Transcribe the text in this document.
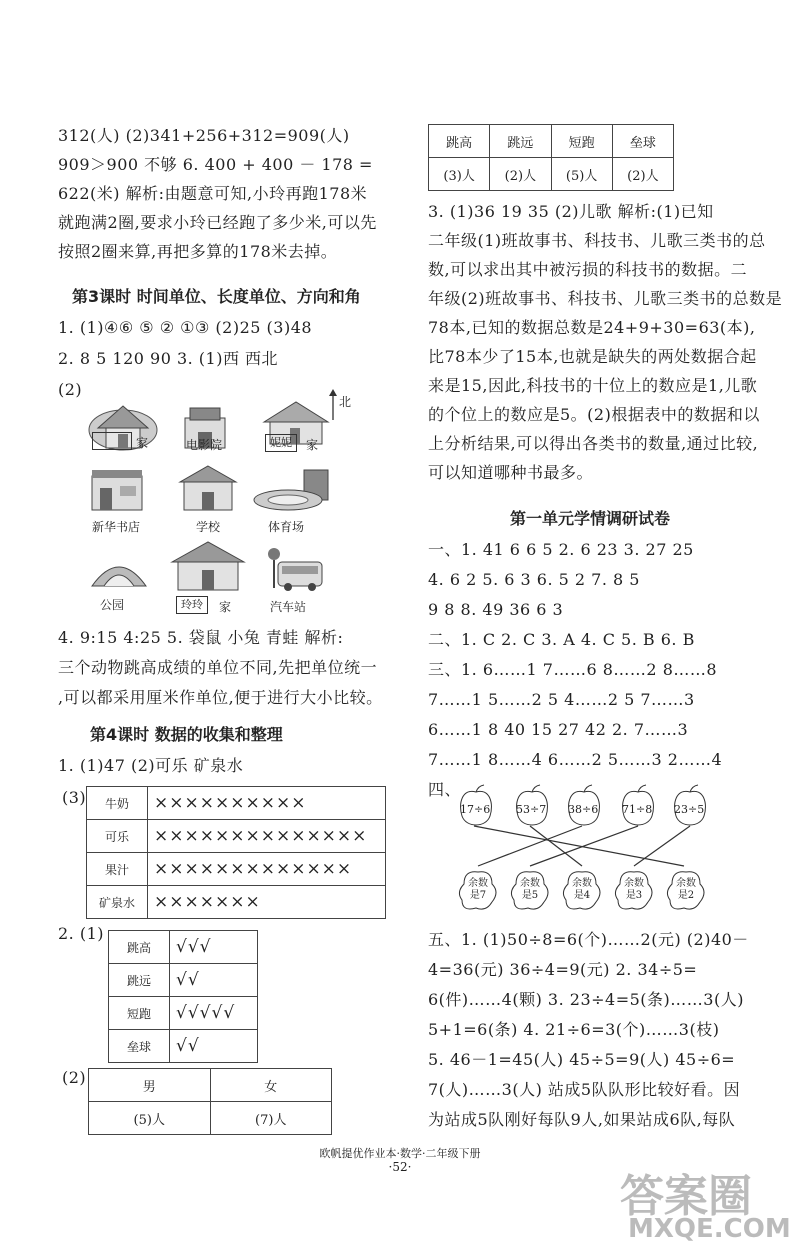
312(人) (2)341+256+312=909(人)
909＞900 不够 6. 400 + 400 － 178 =
622(米) 解析:由题意可知,小玲再跑178米
就跑满2圈,要求小玲已经跑了多少米,可以先
按照2圈来算,再把多算的178米去掉。
第3课时 时间单位、长度单位、方向和角
1. (1)④⑥ ⑤ ② ①③ (2)25 (3)48
2. 8 5 120 90 3. (1)西 西北
(2)
家	电影院
北
妮妮	家
新华书店	学校	体育场
公园	玲玲	家	汽车站
4. 9:15 4:25 5. 袋鼠 小兔 青蛙 解析:
三个动物跳高成绩的单位不同,先把单位统一
,可以都采用厘米作单位,便于进行大小比较。
第4课时 数据的收集和整理
1. (1)47 (2)可乐 矿泉水
(3) 牛奶	××××××××××
可乐	××××××××××××××
果汁	×××××××××××××
矿泉水	×××××××
2. (1)
跳高	√√√
跳远	√√
短跑	√√√√√
垒球	√√
(2)	男	女
(5)人	(7)人
跳高	跳远	短跑	垒球
(3)人	(2)人	(5)人	(2)人
3. (1)36 19 35 (2)儿歌 解析:(1)已知
二年级(1)班故事书、科技书、儿歌三类书的总
数,可以求出其中被污损的科技书的数据。二
年级(2)班故事书、科技书、儿歌三类书的总数是
78本,已知的数据总数是24+9+30=63(本),
比78本少了15本,也就是缺失的两处数据合起
来是15,因此,科技书的十位上的数应是1,儿歌
的个位上的数应是5。(2)根据表中的数据和以
上分析结果,可以得出各类书的数量,通过比较,
可以知道哪种书最多。
第一单元学情调研试卷
一、1. 41 6 6 5 2. 6 23 3. 27 25
4. 6 2 5. 6 3 6. 5 2 7. 8 5
9 8 8. 49 36 6 3
二、1. C 2. C 3. A 4. C 5. B 6. B
三、1. 6……1 7……6 8……2 8……8
7……1 5……2 5 4……2 5 7……3
6……1 8 40 15 27 42 2. 7……3
7……1 8……4 6……2 5……3 2……4
四、
17÷6 53÷7 38÷6 71÷8 23÷5
余数是7
余数是5
余数是4
余数是3
余数是2
五、1. (1)50÷8=6(个)……2(元) (2)40－
4=36(元) 36÷4=9(元) 2. 34÷5=
6(件)……4(颗) 3. 23÷4=5(条)……3(人)
5+1=6(条) 4. 21÷6=3(个)……3(枝)
5. 46－1=45(人) 45÷5=9(人) 45÷6=
7(人)……3(人) 站成5队队形比较好看。因
为站成5队刚好每队9人,如果站成6队,每队
欧帆提优作业本·数学·二年级下册
·52·
答案圈
MXQE.COM
